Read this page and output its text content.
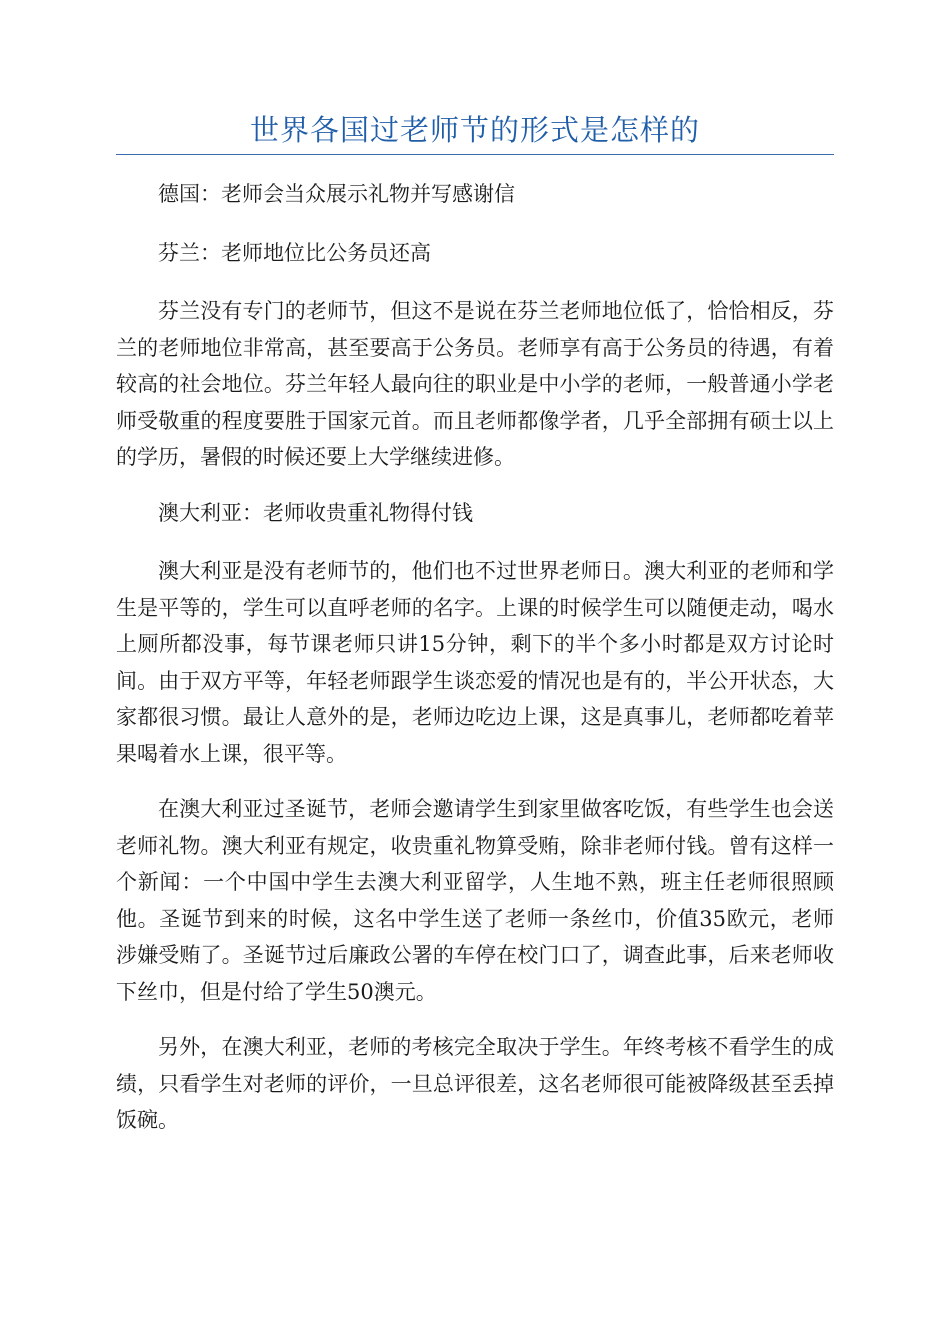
世界各国过老师节的形式是怎样的

德国：老师会当众展示礼物并写感谢信

芬兰：老师地位比公务员还高

芬兰没有专门的老师节，但这不是说在芬兰老师地位低了，恰恰相反，芬兰的老师地位非常高，甚至要高于公务员。老师享有高于公务员的待遇，有着较高的社会地位。芬兰年轻人最向往的职业是中小学的老师，一般普通小学老师受敬重的程度要胜于国家元首。而且老师都像学者，几乎全部拥有硕士以上的学历，暑假的时候还要上大学继续进修。

澳大利亚：老师收贵重礼物得付钱

澳大利亚是没有老师节的，他们也不过世界老师日。澳大利亚的老师和学生是平等的，学生可以直呼老师的名字。上课的时候学生可以随便走动，喝水上厕所都没事，每节课老师只讲15分钟，剩下的半个多小时都是双方讨论时间。由于双方平等，年轻老师跟学生谈恋爱的情况也是有的，半公开状态，大家都很习惯。最让人意外的是，老师边吃边上课，这是真事儿，老师都吃着苹果喝着水上课，很平等。

在澳大利亚过圣诞节，老师会邀请学生到家里做客吃饭，有些学生也会送老师礼物。澳大利亚有规定，收贵重礼物算受贿，除非老师付钱。曾有这样一个新闻：一个中国中学生去澳大利亚留学，人生地不熟，班主任老师很照顾他。圣诞节到来的时候，这名中学生送了老师一条丝巾，价值35欧元，老师涉嫌受贿了。圣诞节过后廉政公署的车停在校门口了，调查此事，后来老师收下丝巾，但是付给了学生50澳元。

另外，在澳大利亚，老师的考核完全取决于学生。年终考核不看学生的成绩，只看学生对老师的评价，一旦总评很差，这名老师很可能被降级甚至丢掉饭碗。
